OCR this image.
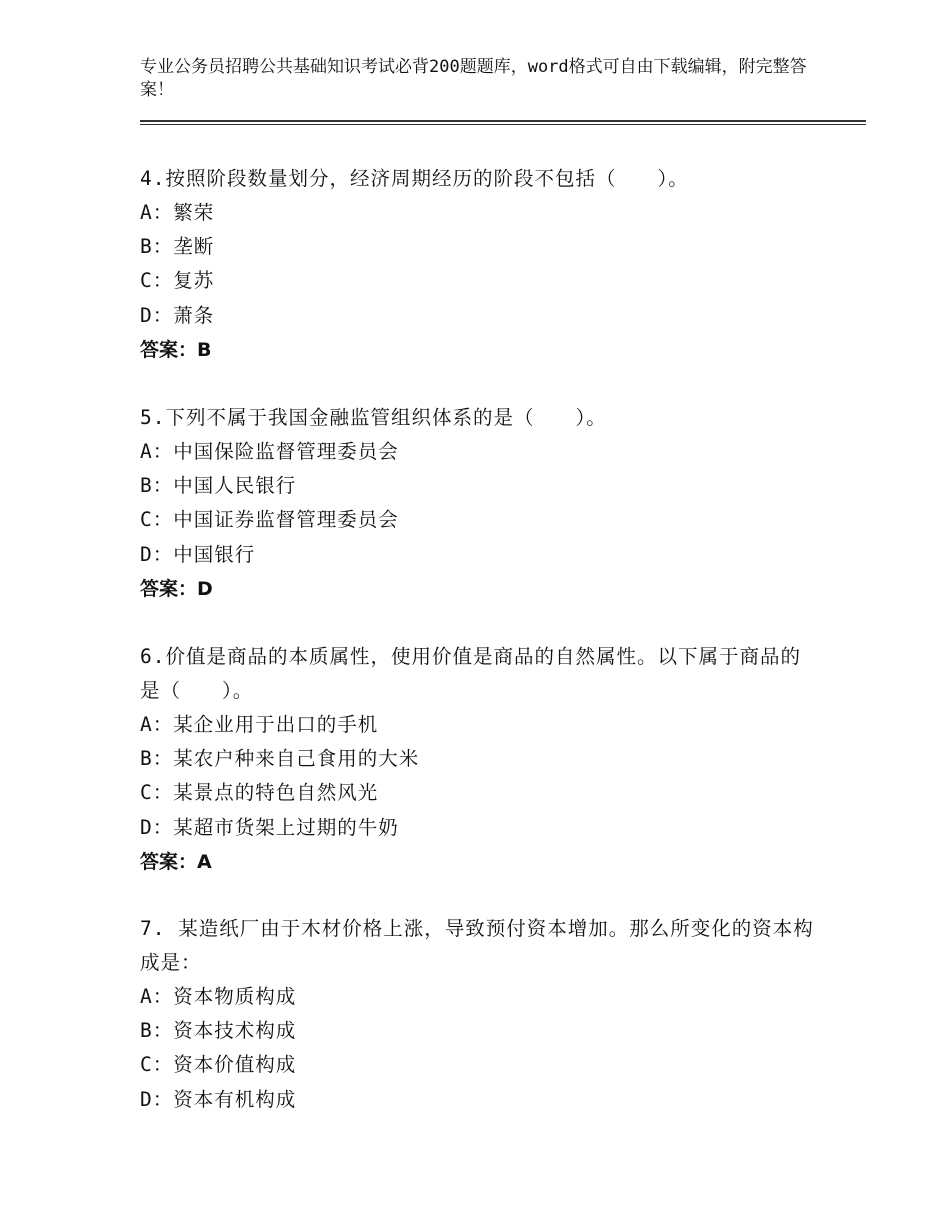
专业公务员招聘公共基础知识考试必背200题题库，word格式可自由下载编辑，附完整答案！
4.按照阶段数量划分，经济周期经历的阶段不包括（　　）。
A：繁荣
B：垄断
C：复苏
D：萧条
答案：B
5.下列不属于我国金融监管组织体系的是（　　）。
A：中国保险监督管理委员会
B：中国人民银行
C：中国证券监督管理委员会
D：中国银行
答案：D
6.价值是商品的本质属性，使用价值是商品的自然属性。以下属于商品的是（　　）。
A：某企业用于出口的手机
B：某农户种来自己食用的大米
C：某景点的特色自然风光
D：某超市货架上过期的牛奶
答案：A
7. 某造纸厂由于木材价格上涨，导致预付资本增加。那么所变化的资本构成是：
A：资本物质构成
B：资本技术构成
C：资本价值构成
D：资本有机构成
